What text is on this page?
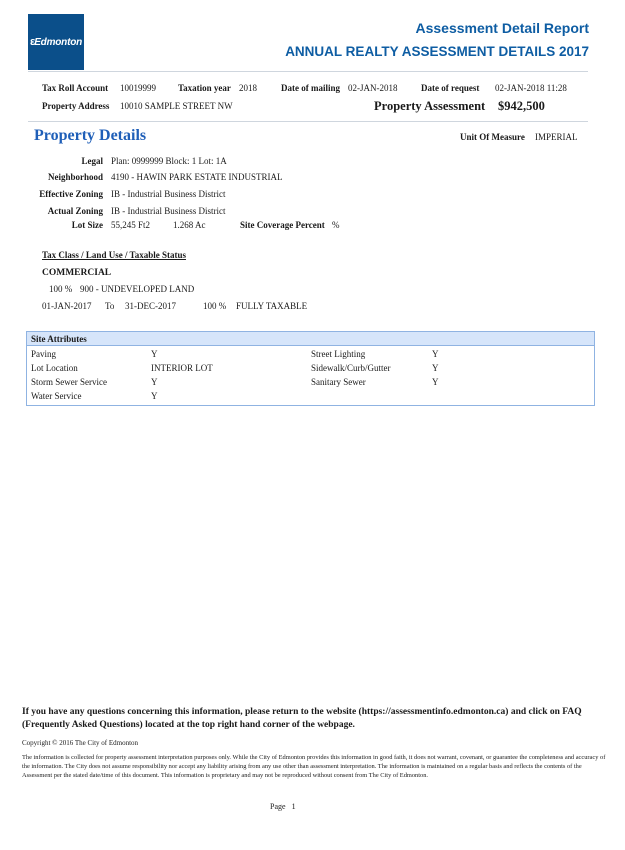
ε Edmonton
Assessment Detail Report
ANNUAL REALTY ASSESSMENT DETAILS 2017
Tax Roll Account 10019999 Taxation year 2018	Date of mailing 02-JAN-2018	Date of request 02-JAN-2018 11:28
Property Address 10010 SAMPLE STREET NW	Property Assessment $942,500
Property Details	Unit Of Measure IMPERIAL
Legal Plan: 0999999 Block: 1 Lot: 1A
Neighborhood 4190 - HAWIN PARK ESTATE INDUSTRIAL
Effective Zoning IB - Industrial Business District
Actual Zoning IB - Industrial Business District
Lot Size 55,245 Ft2	1.268 Ac	Site Coverage Percent %
Tax Class / Land Use / Taxable Status
COMMERCIAL
100 % 900 - UNDEVELOPED LAND
01-JAN-2017 To 31-DEC-2017	100 % FULLY TAXABLE
Site Attributes
Paving	Y	Street Lighting	Y
Lot Location	INTERIOR LOT	Sidewalk/Curb/Gutter	Y
Storm Sewer Service	Y	Sanitary Sewer	Y
Water Service	Y
If you have any questions concerning this information, please return to the website (https://assessmentinfo.edmonton.ca) and click on FAQ (Frequently Asked Questions) located at the top right hand corner of the webpage.
Copyright © 2016 The City of Edmonton
The information is collected for property assessment interpretation purposes only. While the City of Edmonton provides this information in good faith, it does not warrant, covenant, or guarantee the completeness and accuracy of the information. The City does not assume responsibility nor accept any liability arising from any use other than assessment interpretation. The information is maintained on a regular basis and reflects the contents of the Assessment per the stated date/time of this document. This information is proprietary and may not be reproduced without consent from The City of Edmonton.
Page 1
